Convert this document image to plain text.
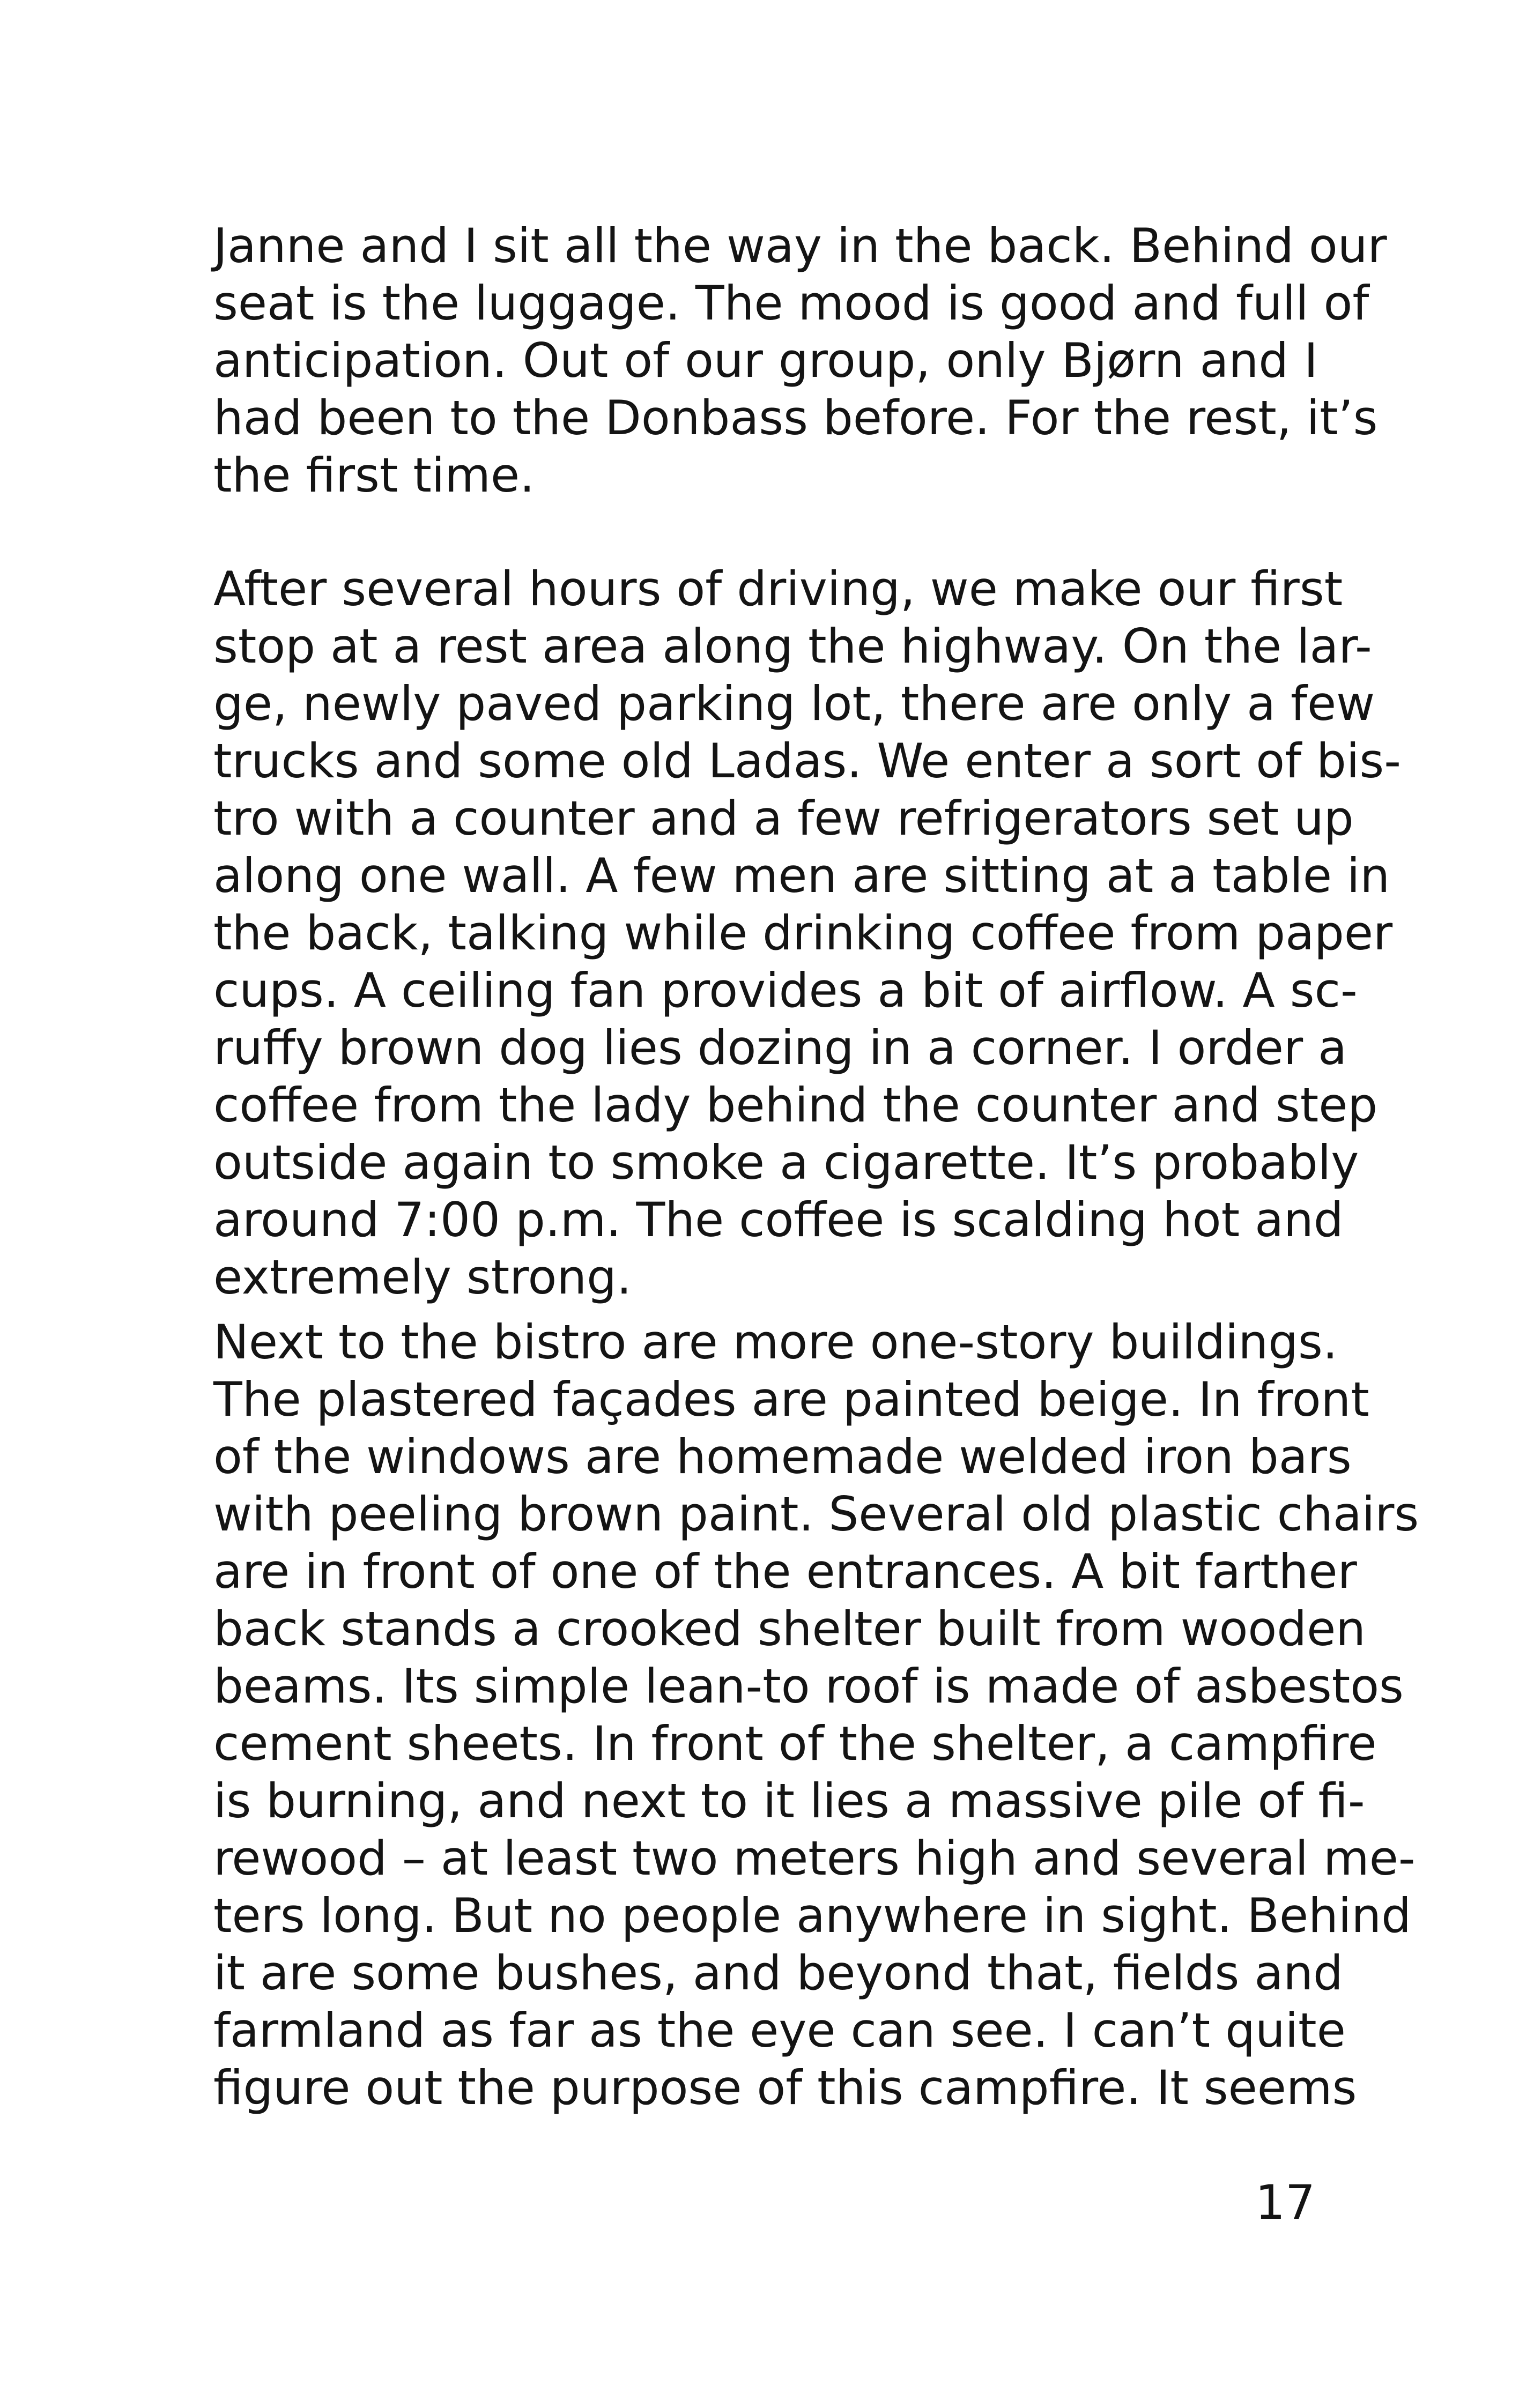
Janne and I sit all the way in the back. Behind our
seat is the luggage. The mood is good and full of
anticipation. Out of our group, only Bjørn and I
had been to the Donbass before. For the rest, it’s
the first time.
After several hours of driving, we make our first
stop at a rest area along the highway. On the lar-
ge, newly paved parking lot, there are only a few
trucks and some old Ladas. We enter a sort of bis-
tro with a counter and a few refrigerators set up
along one wall. A few men are sitting at a table in
the back, talking while drinking coffee from paper
cups. A ceiling fan provides a bit of airflow. A sc-
ruffy brown dog lies dozing in a corner. I order a
coffee from the lady behind the counter and step
outside again to smoke a cigarette. It’s probably
around 7:00 p.m. The coffee is scalding hot and
extremely strong.
Next to the bistro are more one-story buildings.
The plastered façades are painted beige. In front
of the windows are homemade welded iron bars
with peeling brown paint. Several old plastic chairs
are in front of one of the entrances. A bit farther
back stands a crooked shelter built from wooden
beams. Its simple lean-to roof is made of asbestos
cement sheets. In front of the shelter, a campfire
is burning, and next to it lies a massive pile of fi-
rewood – at least two meters high and several me-
ters long. But no people anywhere in sight. Behind
it are some bushes, and beyond that, fields and
farmland as far as the eye can see. I can’t quite
figure out the purpose of this campfire. It seems
17
